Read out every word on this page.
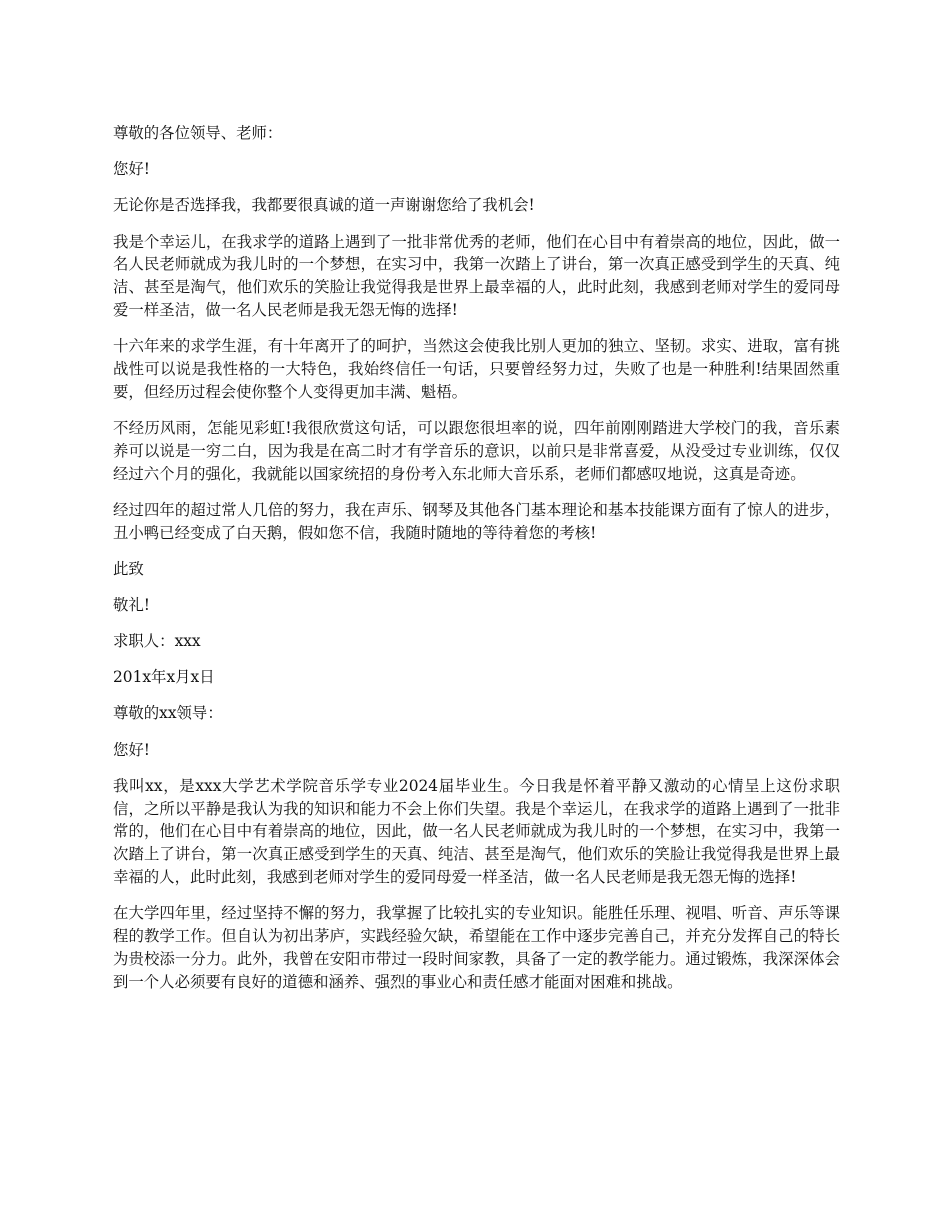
尊敬的各位领导、老师：

您好!

无论你是否选择我，我都要很真诚的道一声谢谢您给了我机会!

我是个幸运儿，在我求学的道路上遇到了一批非常优秀的老师，他们在心目中有着崇高的地位，因此，做一名人民老师就成为我儿时的一个梦想，在实习中，我第一次踏上了讲台，第一次真正感受到学生的天真、纯洁、甚至是淘气，他们欢乐的笑脸让我觉得我是世界上最幸福的人，此时此刻，我感到老师对学生的爱同母爱一样圣洁，做一名人民老师是我无怨无悔的选择!

十六年来的求学生涯，有十年离开了的呵护，当然这会使我比别人更加的独立、坚韧。求实、进取，富有挑战性可以说是我性格的一大特色，我始终信任一句话，只要曾经努力过，失败了也是一种胜利!结果固然重要，但经历过程会使你整个人变得更加丰满、魁梧。

不经历风雨，怎能见彩虹!我很欣赏这句话，可以跟您很坦率的说，四年前刚刚踏进大学校门的我，音乐素养可以说是一穷二白，因为我是在高二时才有学音乐的意识，以前只是非常喜爱，从没受过专业训练，仅仅经过六个月的强化，我就能以国家统招的身份考入东北师大音乐系，老师们都感叹地说，这真是奇迹。

经过四年的超过常人几倍的努力，我在声乐、钢琴及其他各门基本理论和基本技能课方面有了惊人的进步，丑小鸭已经变成了白天鹅，假如您不信，我随时随地的等待着您的考核!

此致

敬礼!

求职人：xxx

201x年x月x日

尊敬的xx领导：

您好!

我叫xx，是xxx大学艺术学院音乐学专业2024届毕业生。今日我是怀着平静又激动的心情呈上这份求职信，之所以平静是我认为我的知识和能力不会上你们失望。我是个幸运儿，在我求学的道路上遇到了一批非常的，他们在心目中有着崇高的地位，因此，做一名人民老师就成为我儿时的一个梦想，在实习中，我第一次踏上了讲台，第一次真正感受到学生的天真、纯洁、甚至是淘气，他们欢乐的笑脸让我觉得我是世界上最幸福的人，此时此刻，我感到老师对学生的爱同母爱一样圣洁，做一名人民老师是我无怨无悔的选择!

在大学四年里，经过坚持不懈的努力，我掌握了比较扎实的专业知识。能胜任乐理、视唱、听音、声乐等课程的教学工作。但自认为初出茅庐，实践经验欠缺，希望能在工作中逐步完善自己，并充分发挥自己的特长为贵校添一分力。此外，我曾在安阳市带过一段时间家教，具备了一定的教学能力。通过锻炼，我深深体会到一个人必须要有良好的道德和涵养、强烈的事业心和责任感才能面对困难和挑战。
